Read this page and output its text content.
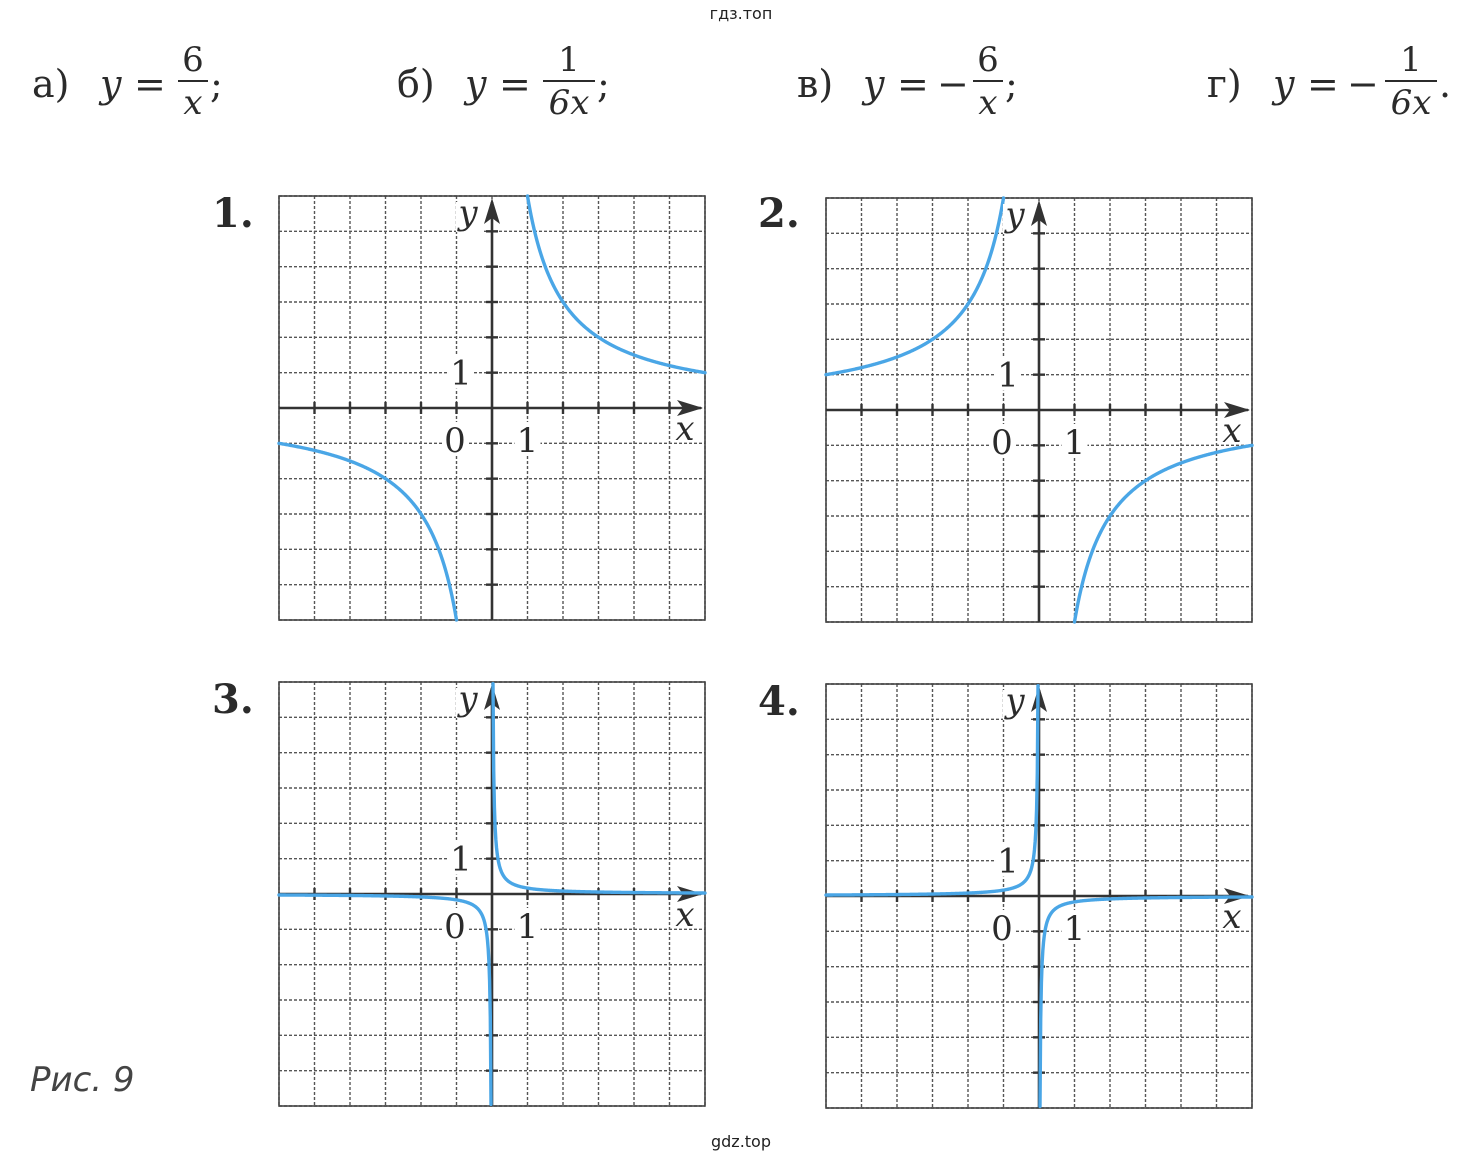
гдз.топ
а) y =
6
x ;	б) y =
1
6x ;	в) y = −
6
x ;	г) y = −
1
6x .
1.	2.
3.	4.
1
1
0	x
y
1
1
0	x
y
1
1
0	x
y
1
1
0	x
y
Рис. 9
gdz.top
